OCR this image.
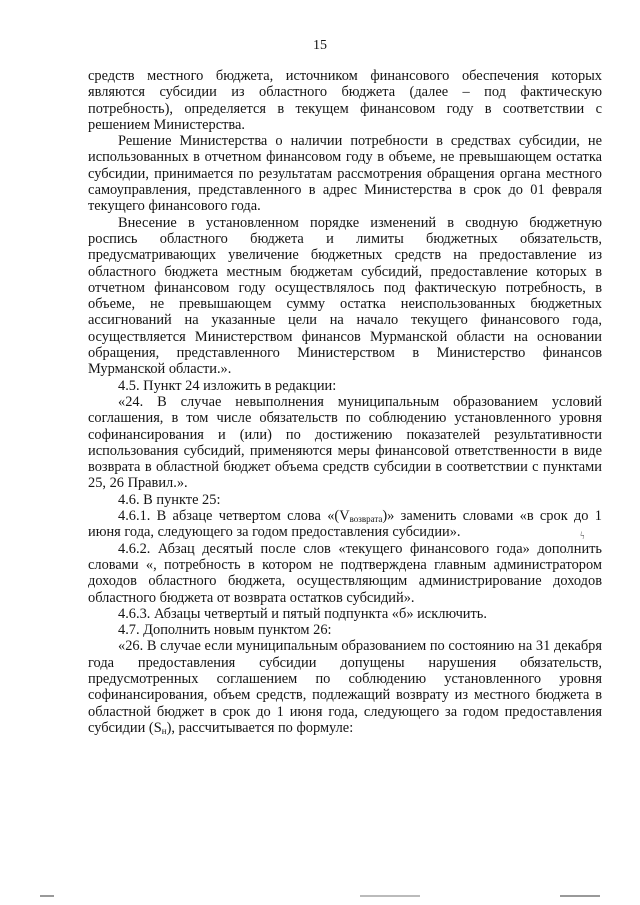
15

средств местного бюджета, источником финансового обеспечения которых являются субсидии из областного бюджета (далее – под фактическую потребность), определяется в текущем финансовом году в соответствии с решением Министерства.

Решение Министерства о наличии потребности в средствах субсидии, не использованных в отчетном финансовом году в объеме, не превышающем остатка субсидии, принимается по результатам рассмотрения обращения органа местного самоуправления, представленного в адрес Министерства в срок до 01 февраля текущего финансового года.

Внесение в установленном порядке изменений в сводную бюджетную роспись областного бюджета и лимиты бюджетных обязательств, предусматривающих увеличение бюджетных средств на предоставление из областного бюджета местным бюджетам субсидий, предоставление которых в отчетном финансовом году осуществлялось под фактическую потребность, в объеме, не превышающем сумму остатка неиспользованных бюджетных ассигнований на указанные цели на начало текущего финансового года, осуществляется Министерством финансов Мурманской области на основании обращения, представленного Министерством в Министерство финансов Мурманской области.».

4.5. Пункт 24 изложить в редакции:

«24. В случае невыполнения муниципальным образованием условий соглашения, в том числе обязательств по соблюдению установленного уровня софинансирования и (или) по достижению показателей результативности использования субсидий, применяются меры финансовой ответственности в виде возврата в областной бюджет объема средств субсидии в соответствии с пунктами 25, 26 Правил.».

4.6. В пункте 25:

4.6.1. В абзаце четвертом слова «$(V_{возврата})$» заменить словами «в срок до 1 июня года, следующего за годом предоставления субсидии».

4.6.2. Абзац десятый после слов «текущего финансового года» дополнить словами «, потребность в котором не подтверждена главным администратором доходов областного бюджета, осуществляющим администрирование доходов областного бюджета от возврата остатков субсидий».

4.6.3. Абзацы четвертый и пятый подпункта «б» исключить.

4.7. Дополнить новым пунктом 26:

«26. В случае если муниципальным образованием по состоянию на 31 декабря года предоставления субсидии допущены нарушения обязательств, предусмотренных соглашением по соблюдению установленного уровня софинансирования, объем средств, подлежащий возврату из местного бюджета в областной бюджет в срок до 1 июня года, следующего за годом предоставления субсидии $(S_н)$, рассчитывается по формуле:

ϟ
